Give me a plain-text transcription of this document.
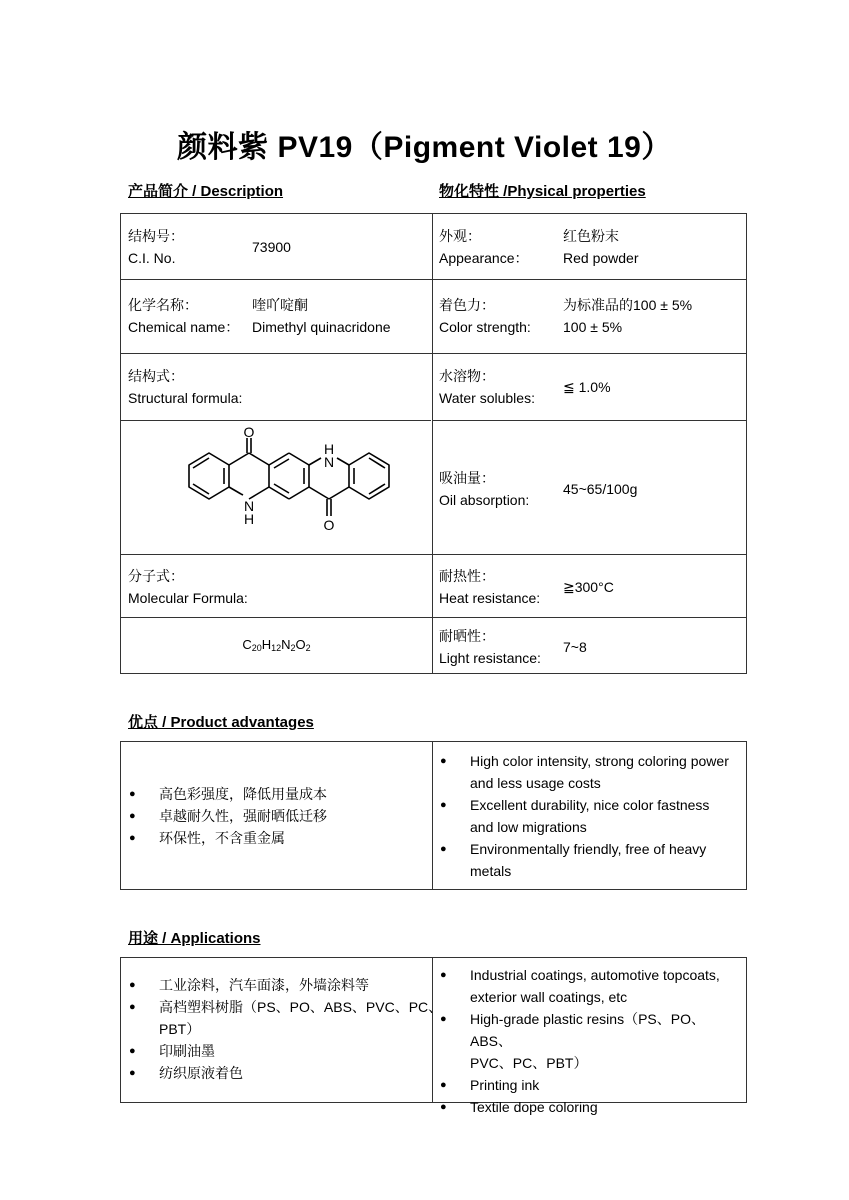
颜料紫 PV19（Pigment Violet 19）
产品简介 / Description	物化特性 /Physical properties
结构号：
C.I. No.
73900
化学名称：
Chemical name：
喹吖啶酮
Dimethyl quinacridone
结构式：
Structural formula:
O
O
H
N
N
H
分子式：
Molecular Formula:
$C_{20}H_{12}N_2O_2$
外观：
Appearance：
红色粉末
Red powder
着色力：
Color strength:
为标准品的100 ± 5%
100 ± 5%
水溶物：
Water solubles:
≦ 1.0%
吸油量：
Oil absorption:
45~65/100g
耐热性：
Heat resistance:
≧300°C
耐晒性：
Light resistance:
7~8
优点 / Product advantages
● 高色彩强度，降低用量成本
● 卓越耐久性，强耐晒低迁移
● 环保性，不含重金属
● High color intensity, strong coloring power
and less usage costs
● Excellent durability, nice color fastness
and low migrations
● Environmentally friendly, free of heavy
metals
用途 / Applications
● 工业涂料，汽车面漆，外墙涂料等
● 高档塑料树脂（PS、PO、ABS、PVC、PC、
PBT）
● 印刷油墨
● 纺织原液着色
● Industrial coatings, automotive topcoats,
exterior wall coatings, etc
● High-grade plastic resins（PS、PO、ABS、
PVC、PC、PBT）
● Printing ink
● Textile dope coloring
